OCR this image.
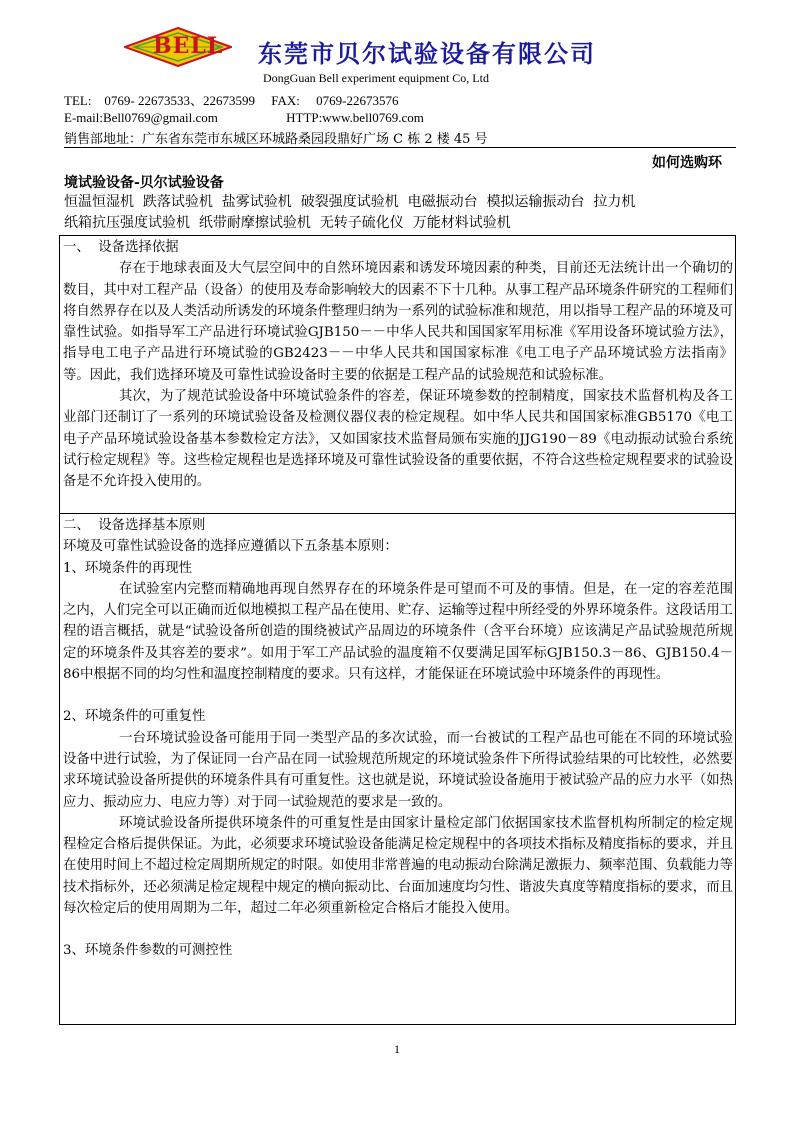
BELL 东莞市贝尔试验设备有限公司
DongGuan Bell experiment equipment Co, Ltd
TEL:    0769- 22673533、22673599     FAX:     0769-22673576
E-mail:Bell0769@gmail.com                     HTTP:www.bell0769.com
销售部地址：广东省东莞市东城区环城路桑园段鼎好广场 C 栋 2 楼 45 号
如何选购环
境试验设备-贝尔试验设备
恒温恒湿机  跌落试验机  盐雾试验机  破裂强度试验机  电磁振动台  模拟运输振动台  拉力机
纸箱抗压强度试验机  纸带耐摩擦试验机  无转子硫化仪  万能材料试验机

一、  设备选择依据

存在于地球表面及大气层空间中的自然环境因素和诱发环境因素的种类，目前还无法统计出一个确切的数目，其中对工程产品（设备）的使用及寿命影响较大的因素不下十几种。从事工程产品环境条件研究的工程师们将自然界存在以及人类活动所诱发的环境条件整理归纳为一系列的试验标准和规范，用以指导工程产品的环境及可靠性试验。如指导军工产品进行环境试验GJB150－－中华人民共和国国家军用标准《军用设备环境试验方法》，指导电工电子产品进行环境试验的GB2423－－中华人民共和国国家标准《电工电子产品环境试验方法指南》等。因此，我们选择环境及可靠性试验设备时主要的依据是工程产品的试验规范和试验标准。

其次，为了规范试验设备中环境试验条件的容差，保证环境参数的控制精度，国家技术监督机构及各工业部门还制订了一系列的环境试验设备及检测仪器仪表的检定规程。如中华人民共和国国家标准GB5170《电工电子产品环境试验设备基本参数检定方法》，又如国家技术监督局颁布实施的JJG190－89《电动振动试验台系统试行检定规程》等。这些检定规程也是选择环境及可靠性试验设备的重要依据，不符合这些检定规程要求的试验设备是不允许投入使用的。

二、  设备选择基本原则

环境及可靠性试验设备的选择应遵循以下五条基本原则：

1、环境条件的再现性

在试验室内完整而精确地再现自然界存在的环境条件是可望而不可及的事情。但是，在一定的容差范围之内，人们完全可以正确而近似地模拟工程产品在使用、贮存、运输等过程中所经受的外界环境条件。这段话用工程的语言概括，就是“试验设备所创造的围绕被试产品周边的环境条件（含平台环境）应该满足产品试验规范所规定的环境条件及其容差的要求”。如用于军工产品试验的温度箱不仅要满足国军标GJB150.3－86、GJB150.4－86中根据不同的均匀性和温度控制精度的要求。只有这样，才能保证在环境试验中环境条件的再现性。

2、环境条件的可重复性

一台环境试验设备可能用于同一类型产品的多次试验，而一台被试的工程产品也可能在不同的环境试验设备中进行试验，为了保证同一台产品在同一试验规范所规定的环境试验条件下所得试验结果的可比较性，必然要求环境试验设备所提供的环境条件具有可重复性。这也就是说，环境试验设备施用于被试验产品的应力水平（如热应力、振动应力、电应力等）对于同一试验规范的要求是一致的。

环境试验设备所提供环境条件的可重复性是由国家计量检定部门依据国家技术监督机构所制定的检定规程检定合格后提供保证。为此，必须要求环境试验设备能满足检定规程中的各项技术指标及精度指标的要求，并且在使用时间上不超过检定周期所规定的时限。如使用非常普遍的电动振动台除满足激振力、频率范围、负载能力等技术指标外，还必须满足检定规程中规定的横向振动比、台面加速度均匀性、谐波失真度等精度指标的要求，而且每次检定后的使用周期为二年，超过二年必须重新检定合格后才能投入使用。

3、环境条件参数的可测控性

1
